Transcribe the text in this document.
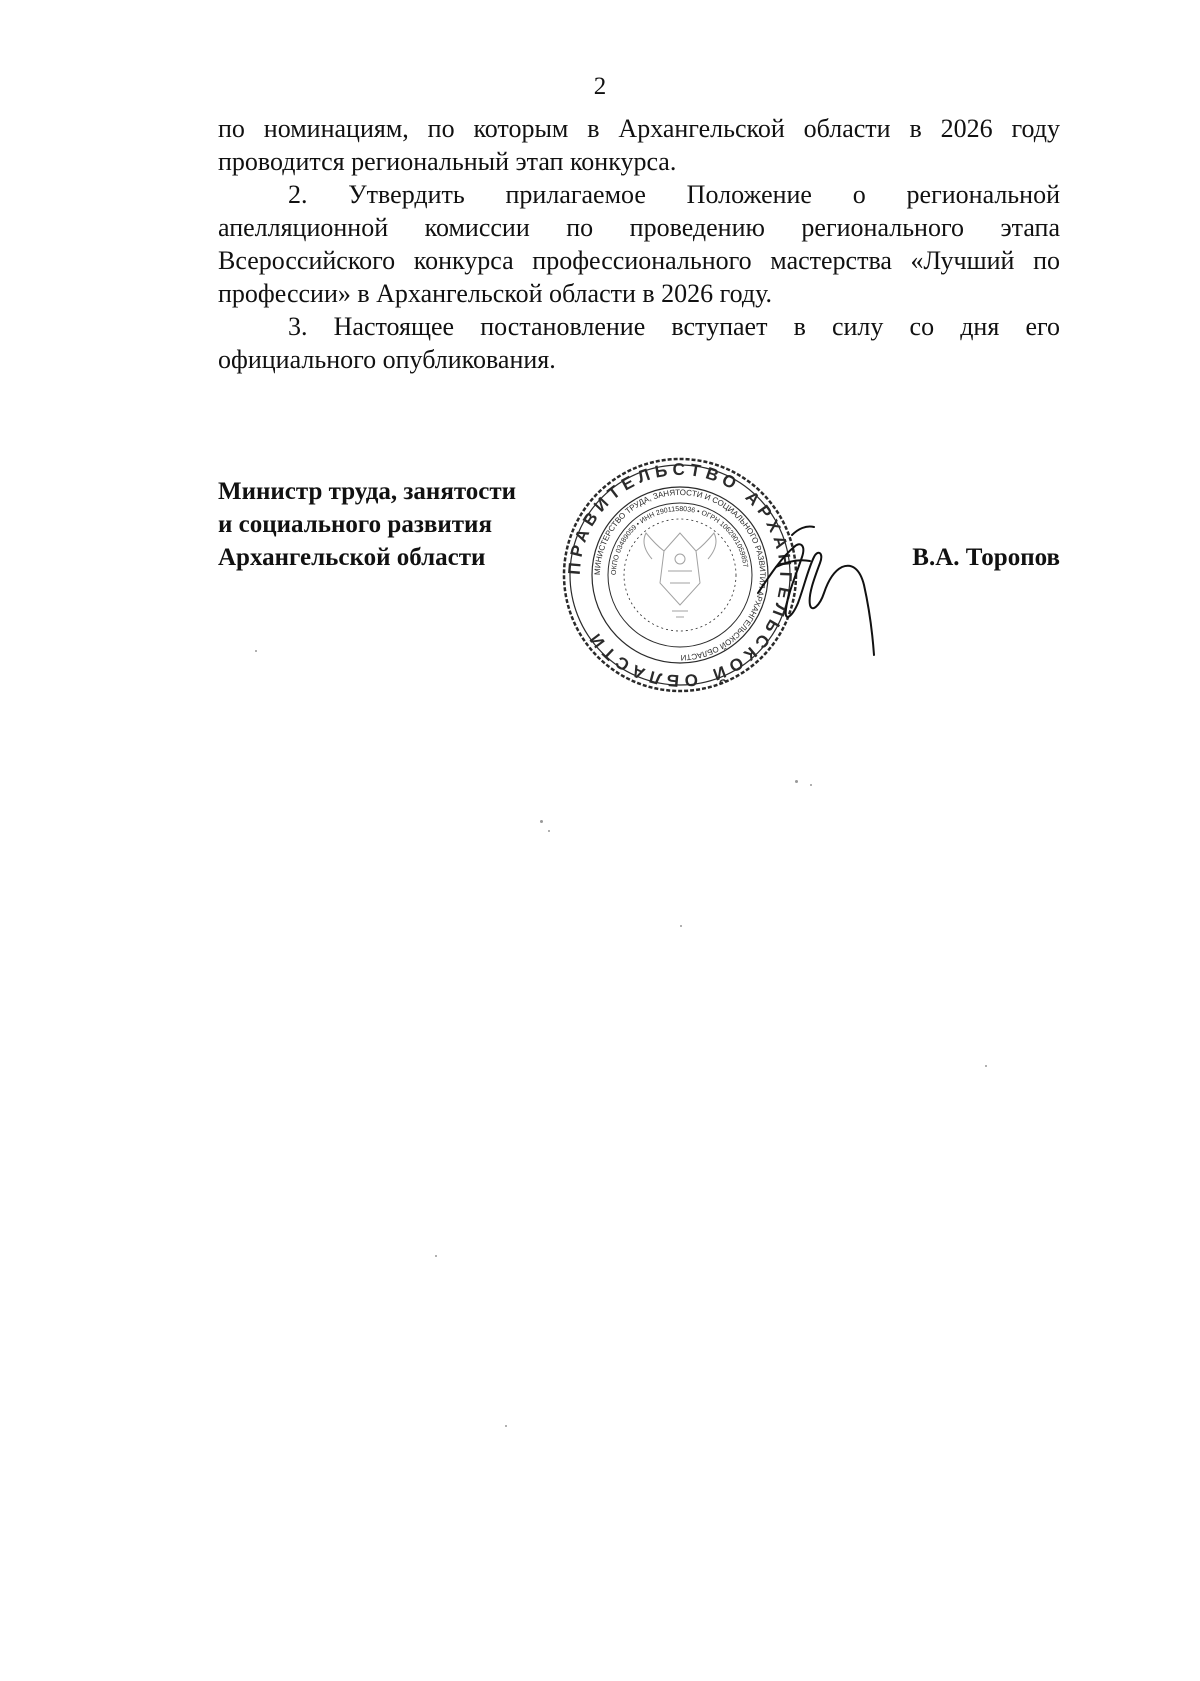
2

по номинациям, по которым в Архангельской области в 2026 году проводится региональный этап конкурса.

2. Утвердить прилагаемое Положение о региональной апелляционной комиссии по проведению регионального этапа Всероссийского конкурса профессионального мастерства «Лучший по профессии» в Архангельской области в 2026 году.

3. Настоящее постановление вступает в силу со дня его официального опубликования.

Министр труда, занятости
и социального развития
Архангельской области	ПРАВИТЕЛЬСТВО АРХАНГЕЛЬСКОЙ ОБЛАСТИ
МИНИСТЕРСТВО ТРУДА, ЗАНЯТОСТИ И СОЦИАЛЬНОГО РАЗВИТИЯ АРХАНГЕЛЬСКОЙ ОБЛАСТИ
ОКПО 03489059 • ИНН 2901158036 • ОГРН 1062901059857	В.А. Торопов
